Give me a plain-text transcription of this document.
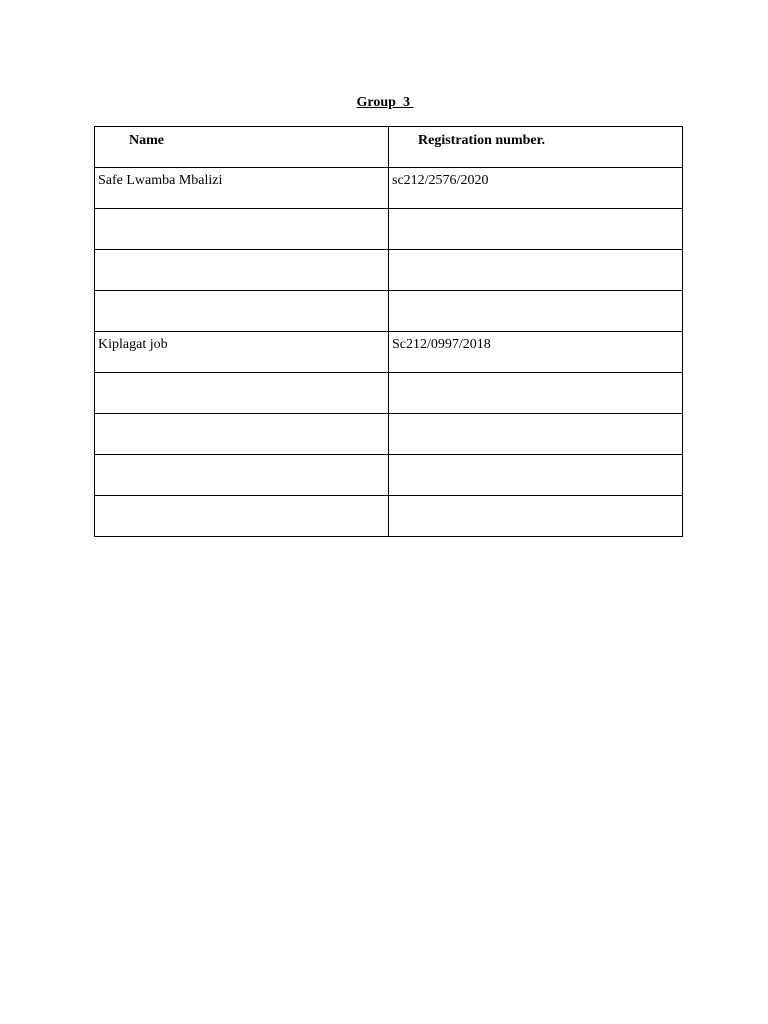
Group  3
Name	Registration number.

Safe Lwamba Mbalizi	sc212/2576/2020

Kiplagat job	Sc212/0997/2018
